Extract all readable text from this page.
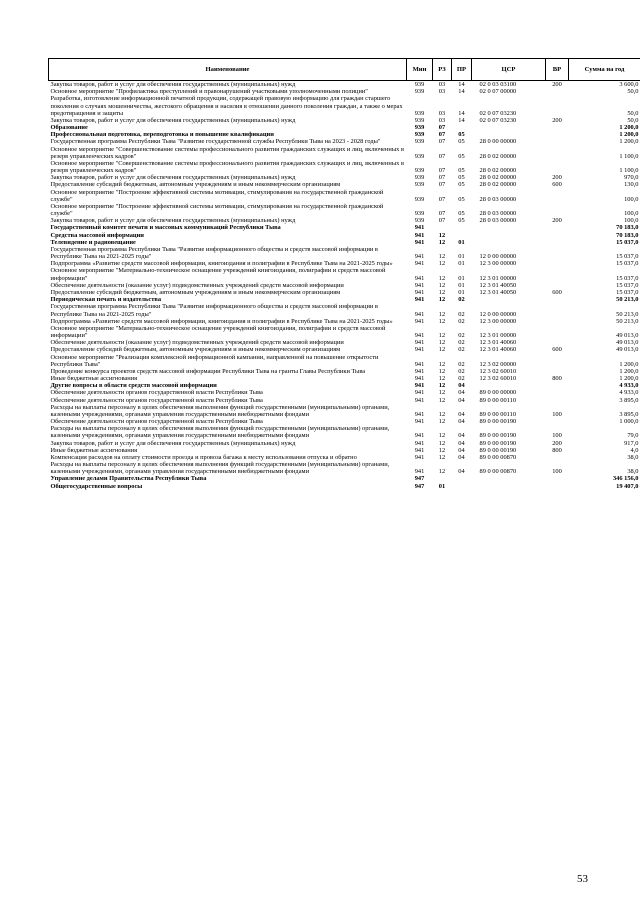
Наименование	Мин	РЗ	ПР	ЦСР	ВР	Сумма на год
Закупка товаров, работ и услуг для обеспечения государственных (муниципальных) нужд	939	03	14	02 0 03 03100	200	3 600,0
Основное мероприятие "Профилактика преступлений и правонарушений участковыми уполномоченными полиции"	939	03	14	02 0 07 00000		50,0
Разработка, изготовление информационной печатной продукции, содержащей правовую информацию для граждан старшего поколения о случаях мошенничества, жестокого обращения и насилия в отношении данного поколения граждан, а также о мерах предотвращения и защиты	939	03	14	02 0 07 03230		50,0
Закупка товаров, работ и услуг для обеспечения государственных (муниципальных) нужд	939	03	14	02 0 07 03230	200	50,0
Образование	939	07				1 200,0
Профессиональная подготовка, переподготовка и повышение квалификации	939	07	05			1 200,0
Государственная программа Республики Тыва "Развитие государственной службы Республики Тыва на 2023 - 2028 годы"	939	07	05	28 0 00 00000		1 200,0
Основное мероприятие "Совершенствование системы профессионального развития гражданских служащих и лиц, включенных в резерв управленческих кадров"	939	07	05	28 0 02 00000		1 100,0
Основное мероприятие "Совершенствование системы профессионального развития гражданских служащих и лиц, включенных в резерв управленческих кадров"	939	07	05	28 0 02 00000		1 100,0
Закупка товаров, работ и услуг для обеспечения государственных (муниципальных) нужд	939	07	05	28 0 02 00000	200	970,0
Предоставление субсидий бюджетным, автономным учреждениям и иным некоммерческим организациям	939	07	05	28 0 02 00000	600	130,0
Основное мероприятие "Построение эффективной системы мотивации, стимулирования на государственной гражданской службе"	939	07	05	28 0 03 00000		100,0
Основное мероприятие "Построение эффективной системы мотивации, стимулирования на государственной гражданской службе"	939	07	05	28 0 03 00000		100,0
Закупка товаров, работ и услуг для обеспечения государственных (муниципальных) нужд	939	07	05	28 0 03 00000	200	100,0
Государственный комитет печати и массовых коммуникаций Республики Тыва	941					70 183,0
Средства массовой информации	941	12				70 183,0
Телевидение и радиовещание	941	12	01			15 037,0
Государственная программа Республики Тыва "Развитие информационного общества и средств массовой информации в Республике Тыва на 2021-2025 годы"	941	12	01	12 0 00 00000		15 037,0
Подпрограмма «Развитие средств массовой информации, книгоиздания и полиграфии в Республике Тыва на 2021-2025 годы»	941	12	01	12 3 00 00000		15 037,0
Основное мероприятие "Материально-техническое оснащение учреждений книгоиздания, полиграфии и средств массовой информации"	941	12	01	12 3 01 00000		15 037,0
Обеспечение деятельности (оказание услуг) подведомственных учреждений средств массовой информации	941	12	01	12 3 01 40050		15 037,0
Предоставление субсидий бюджетным, автономным учреждениям и иным некоммерческим организациям	941	12	01	12 3 01 40050	600	15 037,0
Периодическая печать и издательства	941	12	02			50 213,0
Государственная программа Республики Тыва "Развитие информационного общества и средств массовой информации в Республике Тыва на 2021-2025 годы"	941	12	02	12 0 00 00000		50 213,0
Подпрограмма «Развитие средств массовой информации, книгоиздания и полиграфии в Республике Тыва на 2021-2025 годы»	941	12	02	12 3 00 00000		50 213,0
Основное мероприятие "Материально-техническое оснащение учреждений книгоиздания, полиграфии и средств массовой информации"	941	12	02	12 3 01 00000		49 013,0
Обеспечение деятельности (оказание услуг) подведомственных учреждений средств массовой информации	941	12	02	12 3 01 40060		49 013,0
Предоставление субсидий бюджетным, автономным учреждениям и иным некоммерческим организациям	941	12	02	12 3 01 40060	600	49 013,0
Основное мероприятие "Реализация комплексной информационной кампании, направленной на повышение открытости Республики Тыва"	941	12	02	12 3 02 00000		1 200,0
Проведение конкурса проектов средств массовой информации Республики Тыва на гранты Главы Республики Тыва	941	12	02	12 3 02 60010		1 200,0
Иные бюджетные ассигнования	941	12	02	12 3 02 60010	800	1 200,0
Другие вопросы в области средств массовой информации	941	12	04			4 933,0
Обеспечение деятельности органов государственной власти Республики Тыва	941	12	04	89 0 00 00000		4 933,0
Обеспечение деятельности органов государственной власти Республики Тыва	941	12	04	89 0 00 00110		3 895,0
Расходы на выплаты персоналу в целях обеспечения выполнения функций государственными (муниципальными) органами, казенными учреждениями, органами управления государственными внебюджетными фондами	941	12	04	89 0 00 00110	100	3 895,0
Обеспечение деятельности органов государственной власти Республики Тыва	941	12	04	89 0 00 00190		1 000,0
Расходы на выплаты персоналу в целях обеспечения выполнения функций государственными (муниципальными) органами, казенными учреждениями, органами управления государственными внебюджетными фондами	941	12	04	89 0 00 00190	100	79,0
Закупка товаров, работ и услуг для обеспечения государственных (муниципальных) нужд	941	12	04	89 0 00 00190	200	917,0
Иные бюджетные ассигнования	941	12	04	89 0 00 00190	800	4,0
Компенсация расходов на оплату стоимости проезда и провоза багажа к месту использования отпуска и обратно	941	12	04	89 0 00 00870		38,0
Расходы на выплаты персоналу в целях обеспечения выполнения функций государственными (муниципальными) органами, казенными учреждениями, органами управления государственными внебюджетными фондами	941	12	04	89 0 00 00870	100	38,0
Управление делами Правительства Республики Тыва	947					346 156,0
Общегосударственные вопросы	947	01				19 407,0
53
